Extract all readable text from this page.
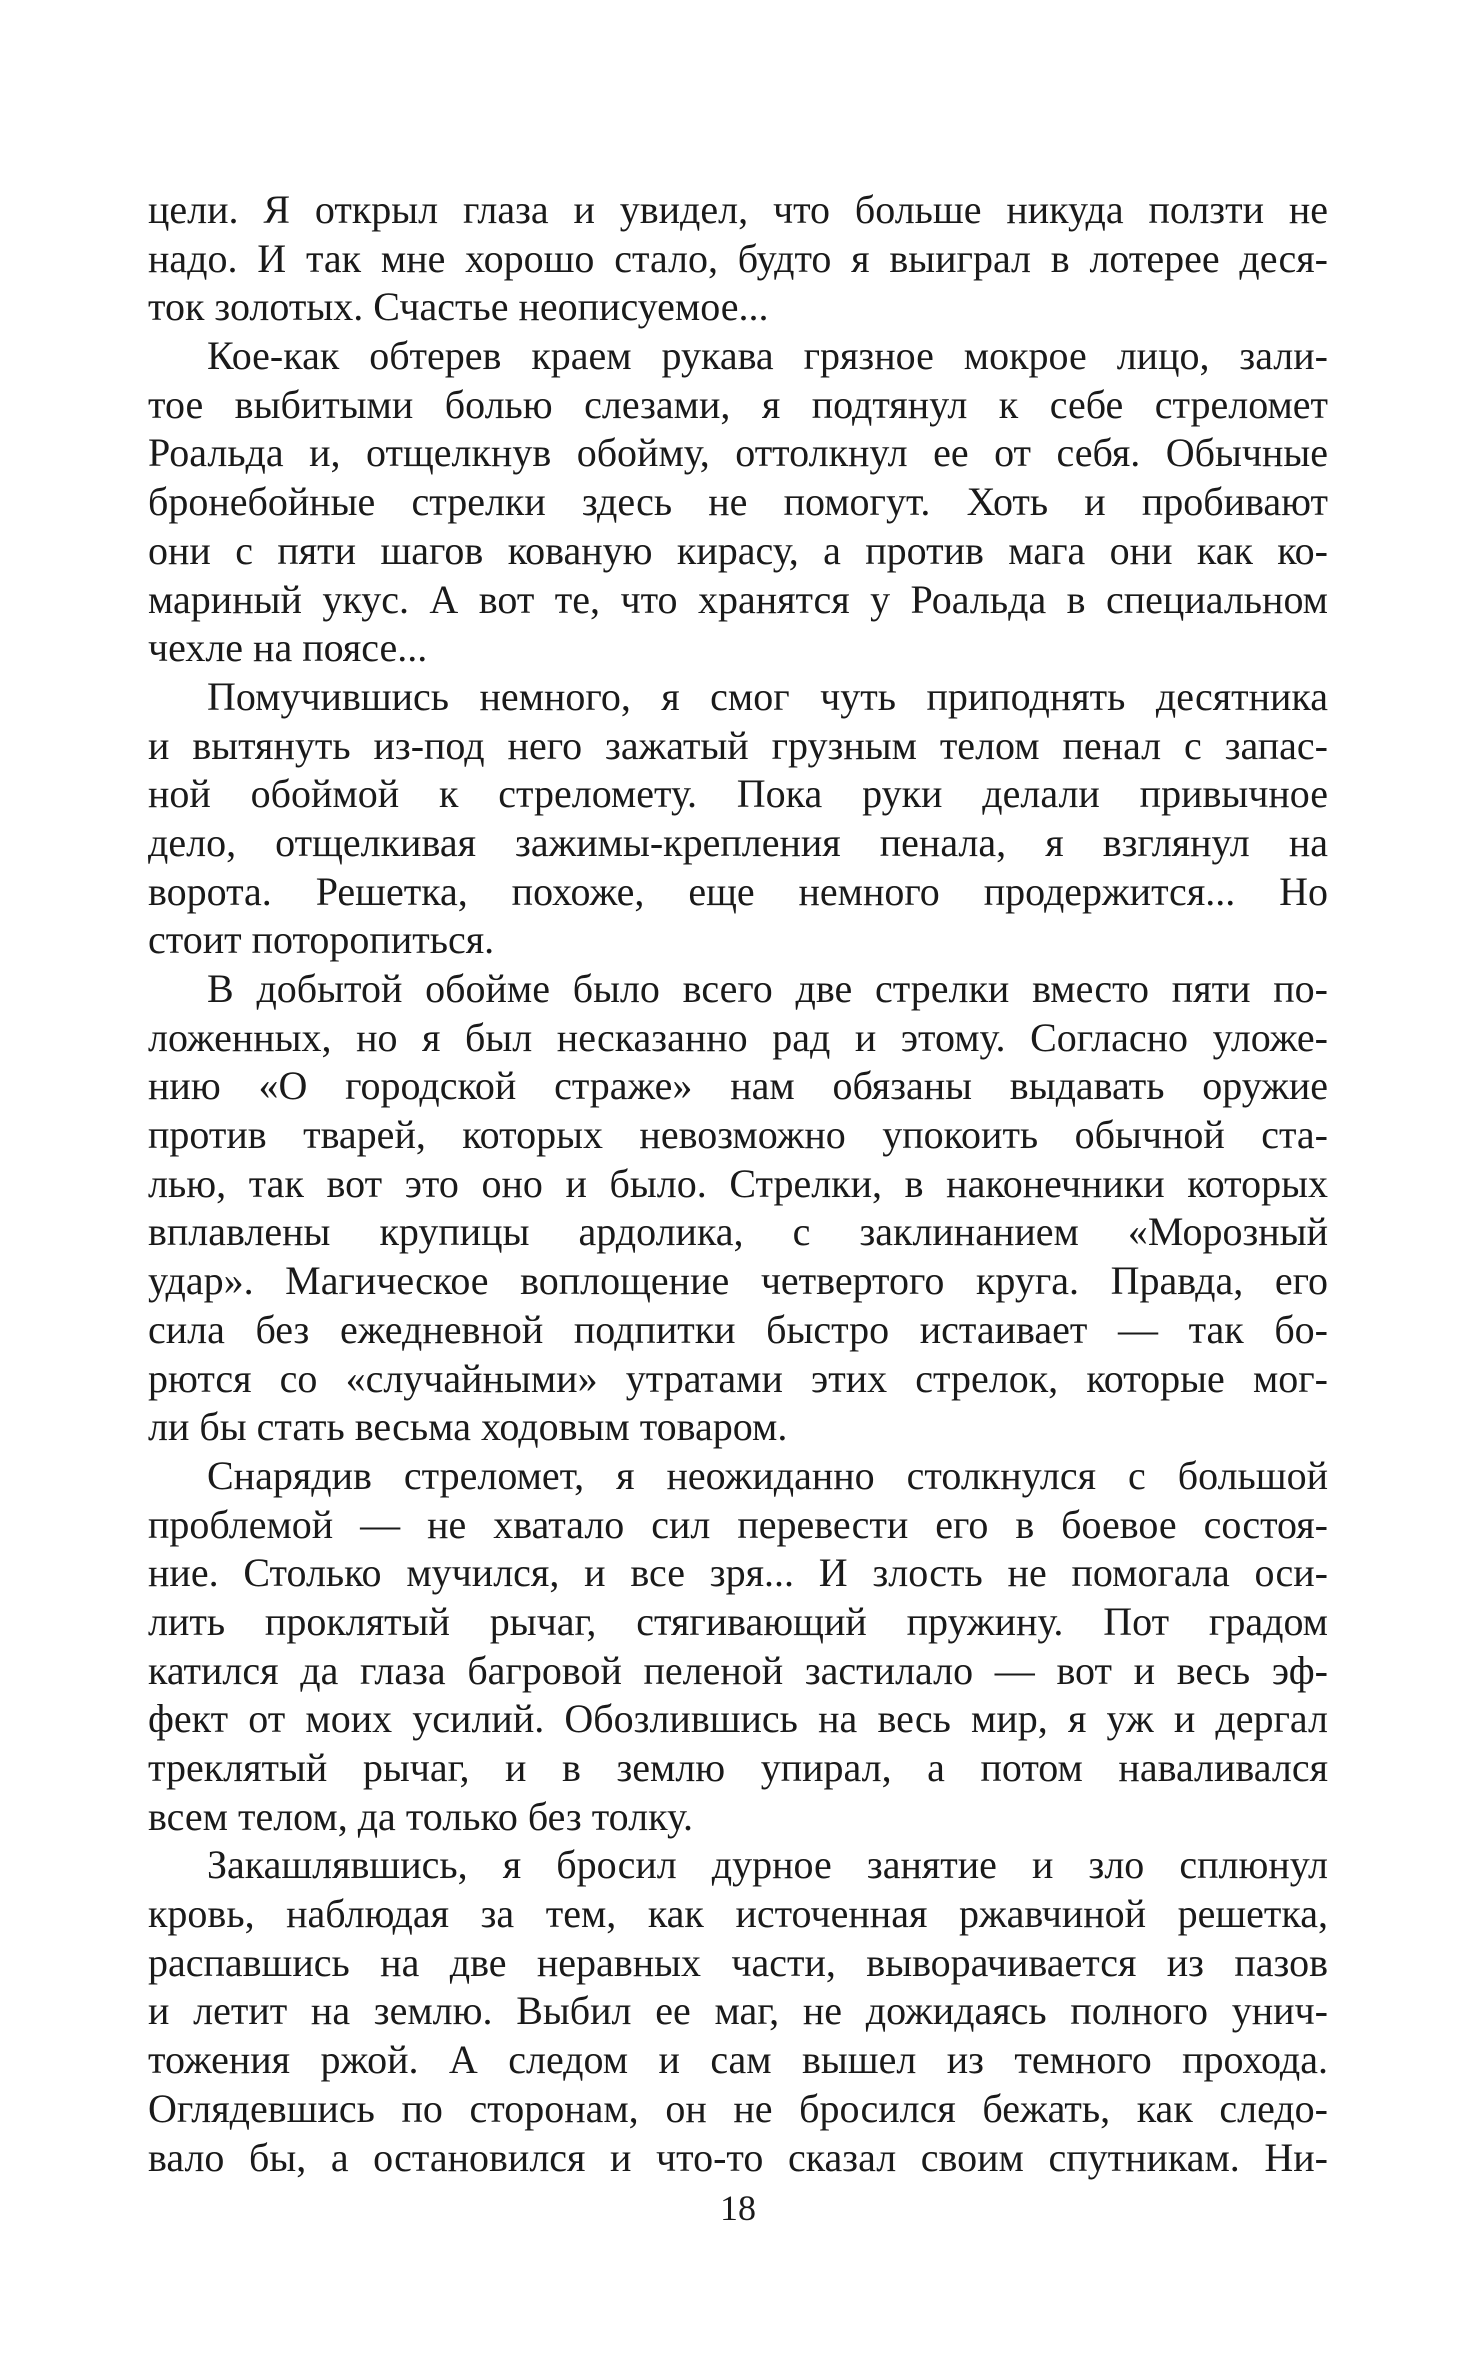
цели. Я открыл глаза и увидел, что больше никуда ползти не
надо. И так мне хорошо стало, будто я выиграл в лотерее деся-
ток золотых. Счастье неописуемое...
Кое-как обтерев краем рукава грязное мокрое лицо, зали-
тое выбитыми болью слезами, я подтянул к себе стреломет
Роальда и, отщелкнув обойму, оттолкнул ее от себя. Обычные
бронебойные стрелки здесь не помогут. Хоть и пробивают
они с пяти шагов кованую кирасу, а против мага они как ко-
мариный укус. А вот те, что хранятся у Роальда в специальном
чехле на поясе...
Помучившись немного, я смог чуть приподнять десятника
и вытянуть из-под него зажатый грузным телом пенал с запас-
ной обоймой к стреломету. Пока руки делали привычное
дело, отщелкивая зажимы-крепления пенала, я взглянул на
ворота. Решетка, похоже, еще немного продержится... Но
стоит поторопиться.
В добытой обойме было всего две стрелки вместо пяти по-
ложенных, но я был несказанно рад и этому. Согласно уложе-
нию «О городской страже» нам обязаны выдавать оружие
против тварей, которых невозможно упокоить обычной ста-
лью, так вот это оно и было. Стрелки, в наконечники которых
вплавлены крупицы ардолика, с заклинанием «Морозный
удар». Магическое воплощение четвертого круга. Правда, его
сила без ежедневной подпитки быстро истаивает — так бо-
рются со «случайными» утратами этих стрелок, которые мог-
ли бы стать весьма ходовым товаром.
Снарядив стреломет, я неожиданно столкнулся с большой
проблемой — не хватало сил перевести его в боевое состоя-
ние. Столько мучился, и все зря... И злость не помогала оси-
лить проклятый рычаг, стягивающий пружину. Пот градом
катился да глаза багровой пеленой застилало — вот и весь эф-
фект от моих усилий. Обозлившись на весь мир, я уж и дергал
треклятый рычаг, и в землю упирал, а потом наваливался
всем телом, да только без толку.
Закашлявшись, я бросил дурное занятие и зло сплюнул
кровь, наблюдая за тем, как источенная ржавчиной решетка,
распавшись на две неравных части, выворачивается из пазов
и летит на землю. Выбил ее маг, не дожидаясь полного унич-
тожения ржой. А следом и сам вышел из темного прохода.
Оглядевшись по сторонам, он не бросился бежать, как следо-
вало бы, а остановился и что-то сказал своим спутникам. Ни-
18
